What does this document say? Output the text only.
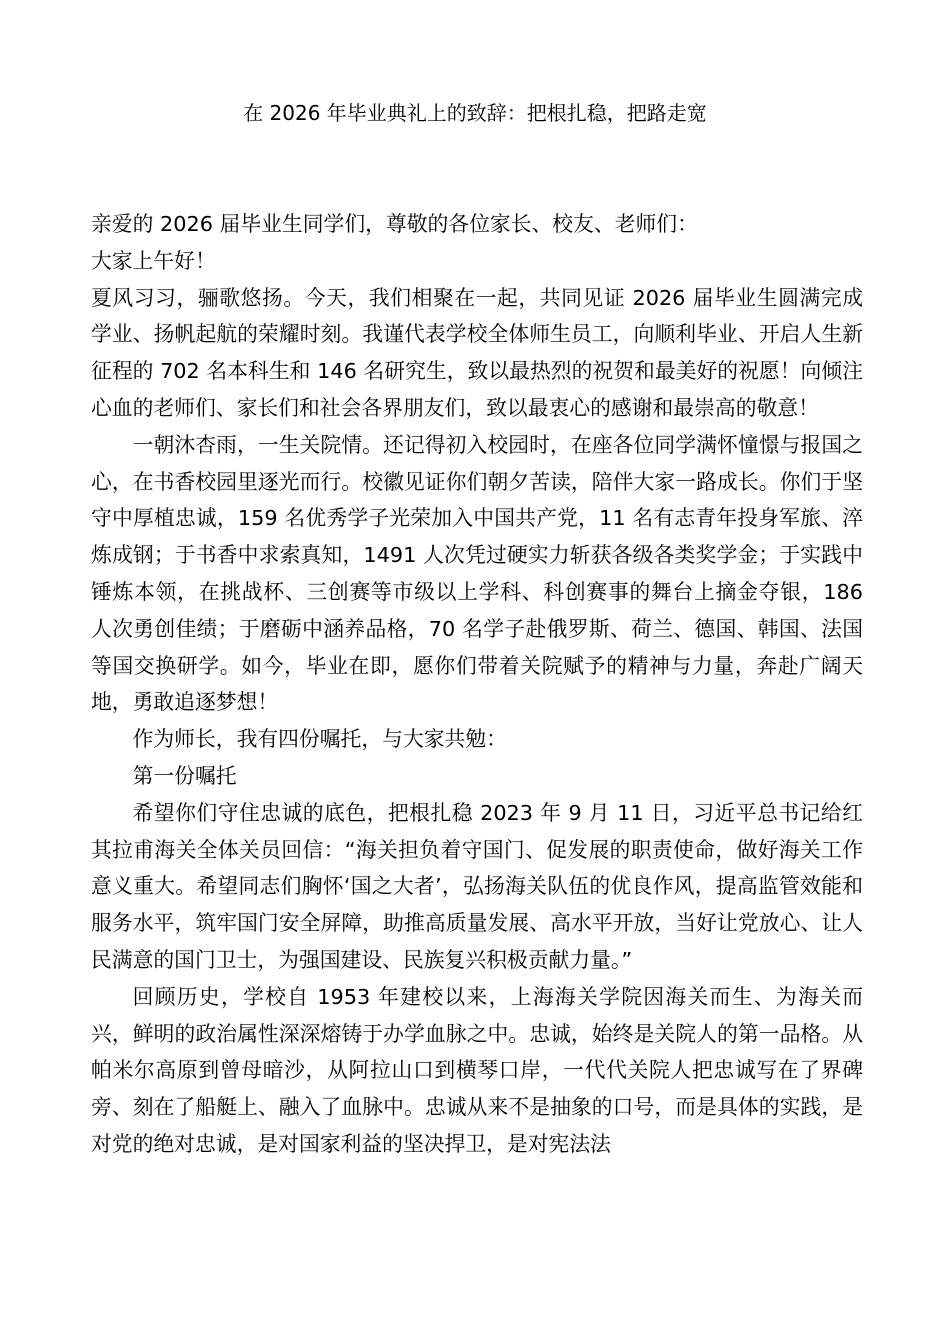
在 2026 年毕业典礼上的致辞：把根扎稳，把路走宽

亲爱的 2026 届毕业生同学们，尊敬的各位家长、校友、老师们：

大家上午好！

夏风习习，骊歌悠扬。今天，我们相聚在一起，共同见证 2026 届毕业生圆满完成学业、扬帆起航的荣耀时刻。我谨代表学校全体师生员工，向顺利毕业、开启人生新征程的 702 名本科生和 146 名研究生，致以最热烈的祝贺和最美好的祝愿！向倾注心血的老师们、家长们和社会各界朋友们，致以最衷心的感谢和最崇高的敬意！

一朝沐杏雨，一生关院情。还记得初入校园时，在座各位同学满怀憧憬与报国之心，在书香校园里逐光而行。校徽见证你们朝夕苦读，陪伴大家一路成长。你们于坚守中厚植忠诚，159 名优秀学子光荣加入中国共产党，11 名有志青年投身军旅、淬炼成钢；于书香中求索真知，1491 人次凭过硬实力斩获各级各类奖学金；于实践中锤炼本领，在挑战杯、三创赛等市级以上学科、科创赛事的舞台上摘金夺银，186 人次勇创佳绩；于磨砺中涵养品格，70 名学子赴俄罗斯、荷兰、德国、韩国、法国等国交换研学。如今，毕业在即，愿你们带着关院赋予的精神与力量，奔赴广阔天地，勇敢追逐梦想！

作为师长，我有四份嘱托，与大家共勉：

第一份嘱托

希望你们守住忠诚的底色，把根扎稳 2023 年 9 月 11 日，习近平总书记给红其拉甫海关全体关员回信：“海关担负着守国门、促发展的职责使命，做好海关工作意义重大。希望同志们胸怀‘国之大者’，弘扬海关队伍的优良作风，提高监管效能和服务水平，筑牢国门安全屏障，助推高质量发展、高水平开放，当好让党放心、让人民满意的国门卫士，为强国建设、民族复兴积极贡献力量。”

回顾历史，学校自 1953 年建校以来，上海海关学院因海关而生、为海关而兴，鲜明的政治属性深深熔铸于办学血脉之中。忠诚，始终是关院人的第一品格。从帕米尔高原到曾母暗沙，从阿拉山口到横琴口岸，一代代关院人把忠诚写在了界碑旁、刻在了船艇上、融入了血脉中。忠诚从来不是抽象的口号，而是具体的实践，是对党的绝对忠诚，是对国家利益的坚决捍卫，是对宪法法
